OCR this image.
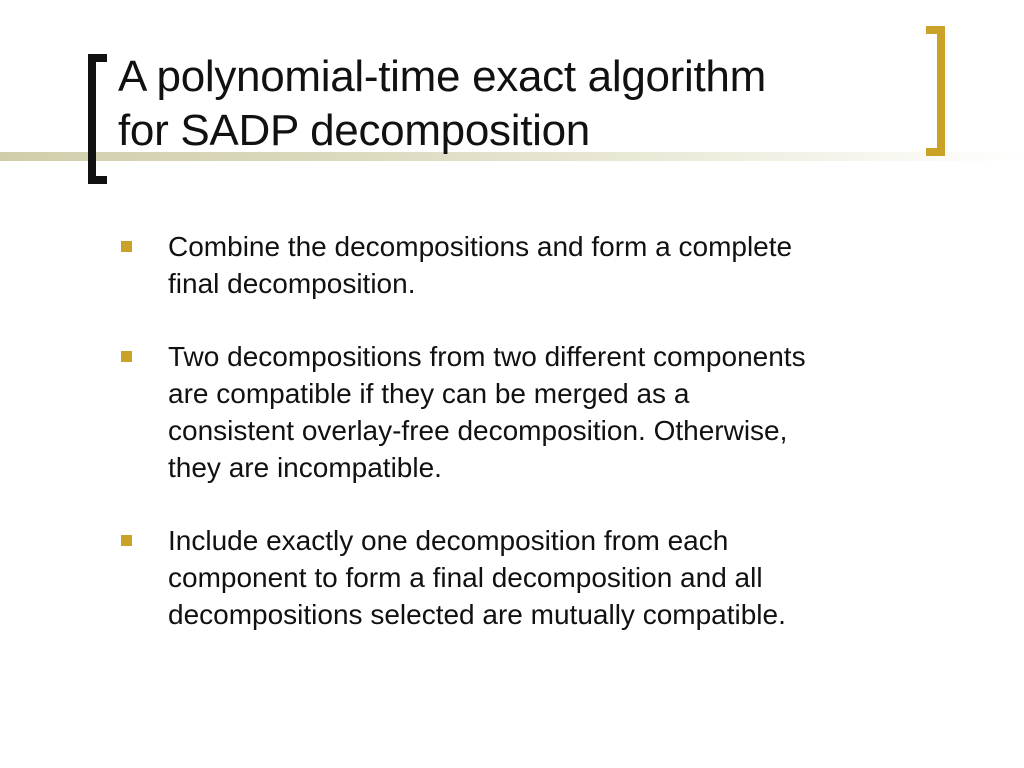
A polynomial-time exact algorithm
for SADP decomposition
Combine the decompositions and form a complete
final decomposition.
Two decompositions from two different components
are compatible if they can be merged as a
consistent overlay-free decomposition. Otherwise,
they are incompatible.
Include exactly one decomposition from each
component to form a final decomposition and all
decompositions selected are mutually compatible.
